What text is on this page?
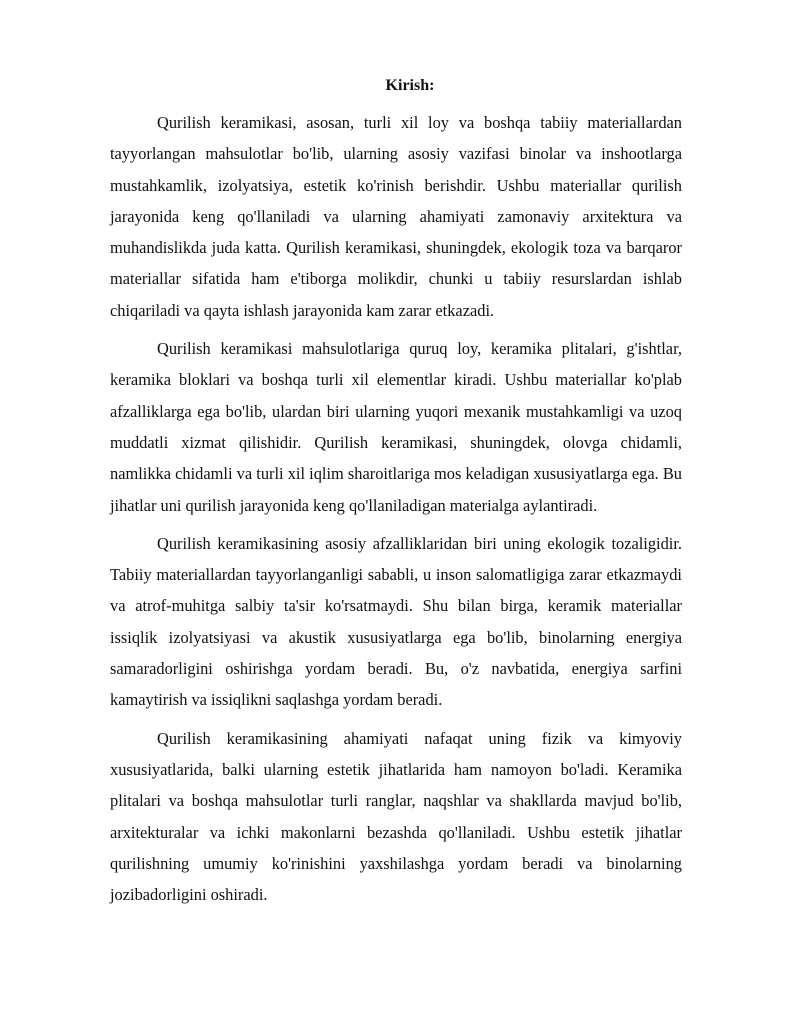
Kirish:

Qurilish keramikasi, asosan, turli xil loy va boshqa tabiiy materiallardan tayyorlangan mahsulotlar bo'lib, ularning asosiy vazifasi binolar va inshootlarga mustahkamlik, izolyatsiya, estetik ko'rinish berishdir. Ushbu materiallar qurilish jarayonida keng qo'llaniladi va ularning ahamiyati zamonaviy arxitektura va muhandislikda juda katta. Qurilish keramikasi, shuningdek, ekologik toza va barqaror materiallar sifatida ham e'tiborga molikdir, chunki u tabiiy resurslardan ishlab chiqariladi va qayta ishlash jarayonida kam zarar etkazadi.

Qurilish keramikasi mahsulotlariga quruq loy, keramika plitalari, g'ishtlar, keramika bloklari va boshqa turli xil elementlar kiradi. Ushbu materiallar ko'plab afzalliklarga ega bo'lib, ulardan biri ularning yuqori mexanik mustahkamligi va uzoq muddatli xizmat qilishidir. Qurilish keramikasi, shuningdek, olovga chidamli, namlikka chidamli va turli xil iqlim sharoitlariga mos keladigan xususiyatlarga ega. Bu jihatlar uni qurilish jarayonida keng qo'llaniladigan materialga aylantiradi.

Qurilish keramikasining asosiy afzalliklaridan biri uning ekologik tozaligidir. Tabiiy materiallardan tayyorlanganligi sababli, u inson salomatligiga zarar etkazmaydi va atrof-muhitga salbiy ta'sir ko'rsatmaydi. Shu bilan birga, keramik materiallar issiqlik izolyatsiyasi va akustik xususiyatlarga ega bo'lib, binolarning energiya samaradorligini oshirishga yordam beradi. Bu, o'z navbatida, energiya sarfini kamaytirish va issiqlikni saqlashga yordam beradi.

Qurilish keramikasining ahamiyati nafaqat uning fizik va kimyoviy xususiyatlarida, balki ularning estetik jihatlarida ham namoyon bo'ladi. Keramika plitalari va boshqa mahsulotlar turli ranglar, naqshlar va shakllarda mavjud bo'lib, arxitekturalar va ichki makonlarni bezashda qo'llaniladi. Ushbu estetik jihatlar qurilishning umumiy ko'rinishini yaxshilashga yordam beradi va binolarning jozibadorligini oshiradi.
